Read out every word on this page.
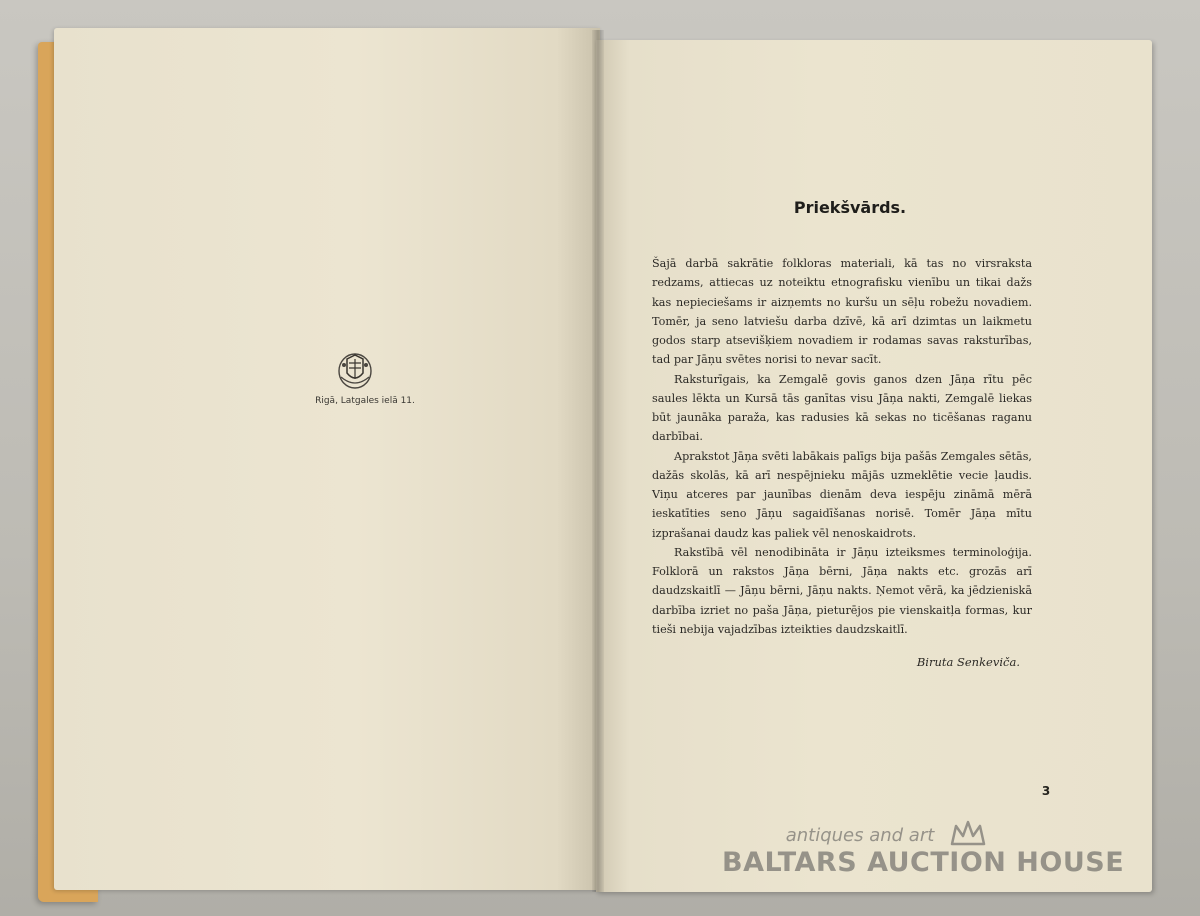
Rigā, Latgales ielā 11.
Priekšvārds.

Šajā darbā sakrātie folkloras materiali, kā tas no virsraksta redzams, attiecas uz noteiktu etnografisku vienību un tikai dažs kas nepieciešams ir aizņemts no kuršu un sēļu robežu novadiem. Tomēr, ja seno latviešu darba dzīvē, kā arī dzimtas un laikmetu godos starp atsevišķiem novadiem ir rodamas savas raksturības, tad par Jāņu svētes norisi to nevar sacīt.

Raksturīgais, ka Zemgalē govis ganos dzen Jāņa rītu pēc saules lēkta un Kursā tās ganītas visu Jāņa nakti, Zemgalē liekas būt jaunāka paraža, kas radusies kā sekas no ticēšanas raganu darbībai.

Aprakstot Jāņa svēti labākais palīgs bija pašās Zemgales sētās, dažās skolās, kā arī nespējnieku mājās uzmeklētie vecie ļaudis. Viņu atceres par jaunības dienām deva iespēju zināmā mērā ieskatīties seno Jāņu sagaidīšanas norisē. Tomēr Jāņa mītu izprašanai daudz kas paliek vēl nenoskaidrots.

Rakstībā vēl nenodibināta ir Jāņu izteiksmes terminoloģija. Folklorā un rakstos Jāņa bērni, Jāņa nakts etc. grozās arī daudzskaitlī — Jāņu bērni, Jāņu nakts. Ņemot vērā, ka jēdzieniskā darbība izriet no paša Jāņa, pieturējos pie vienskaitļa formas, kur tieši nebija vajadzības izteikties daudzskaitlī.

Biruta Senkeviča.
3
antiques and art
BALTARS AUCTION HOUSE
